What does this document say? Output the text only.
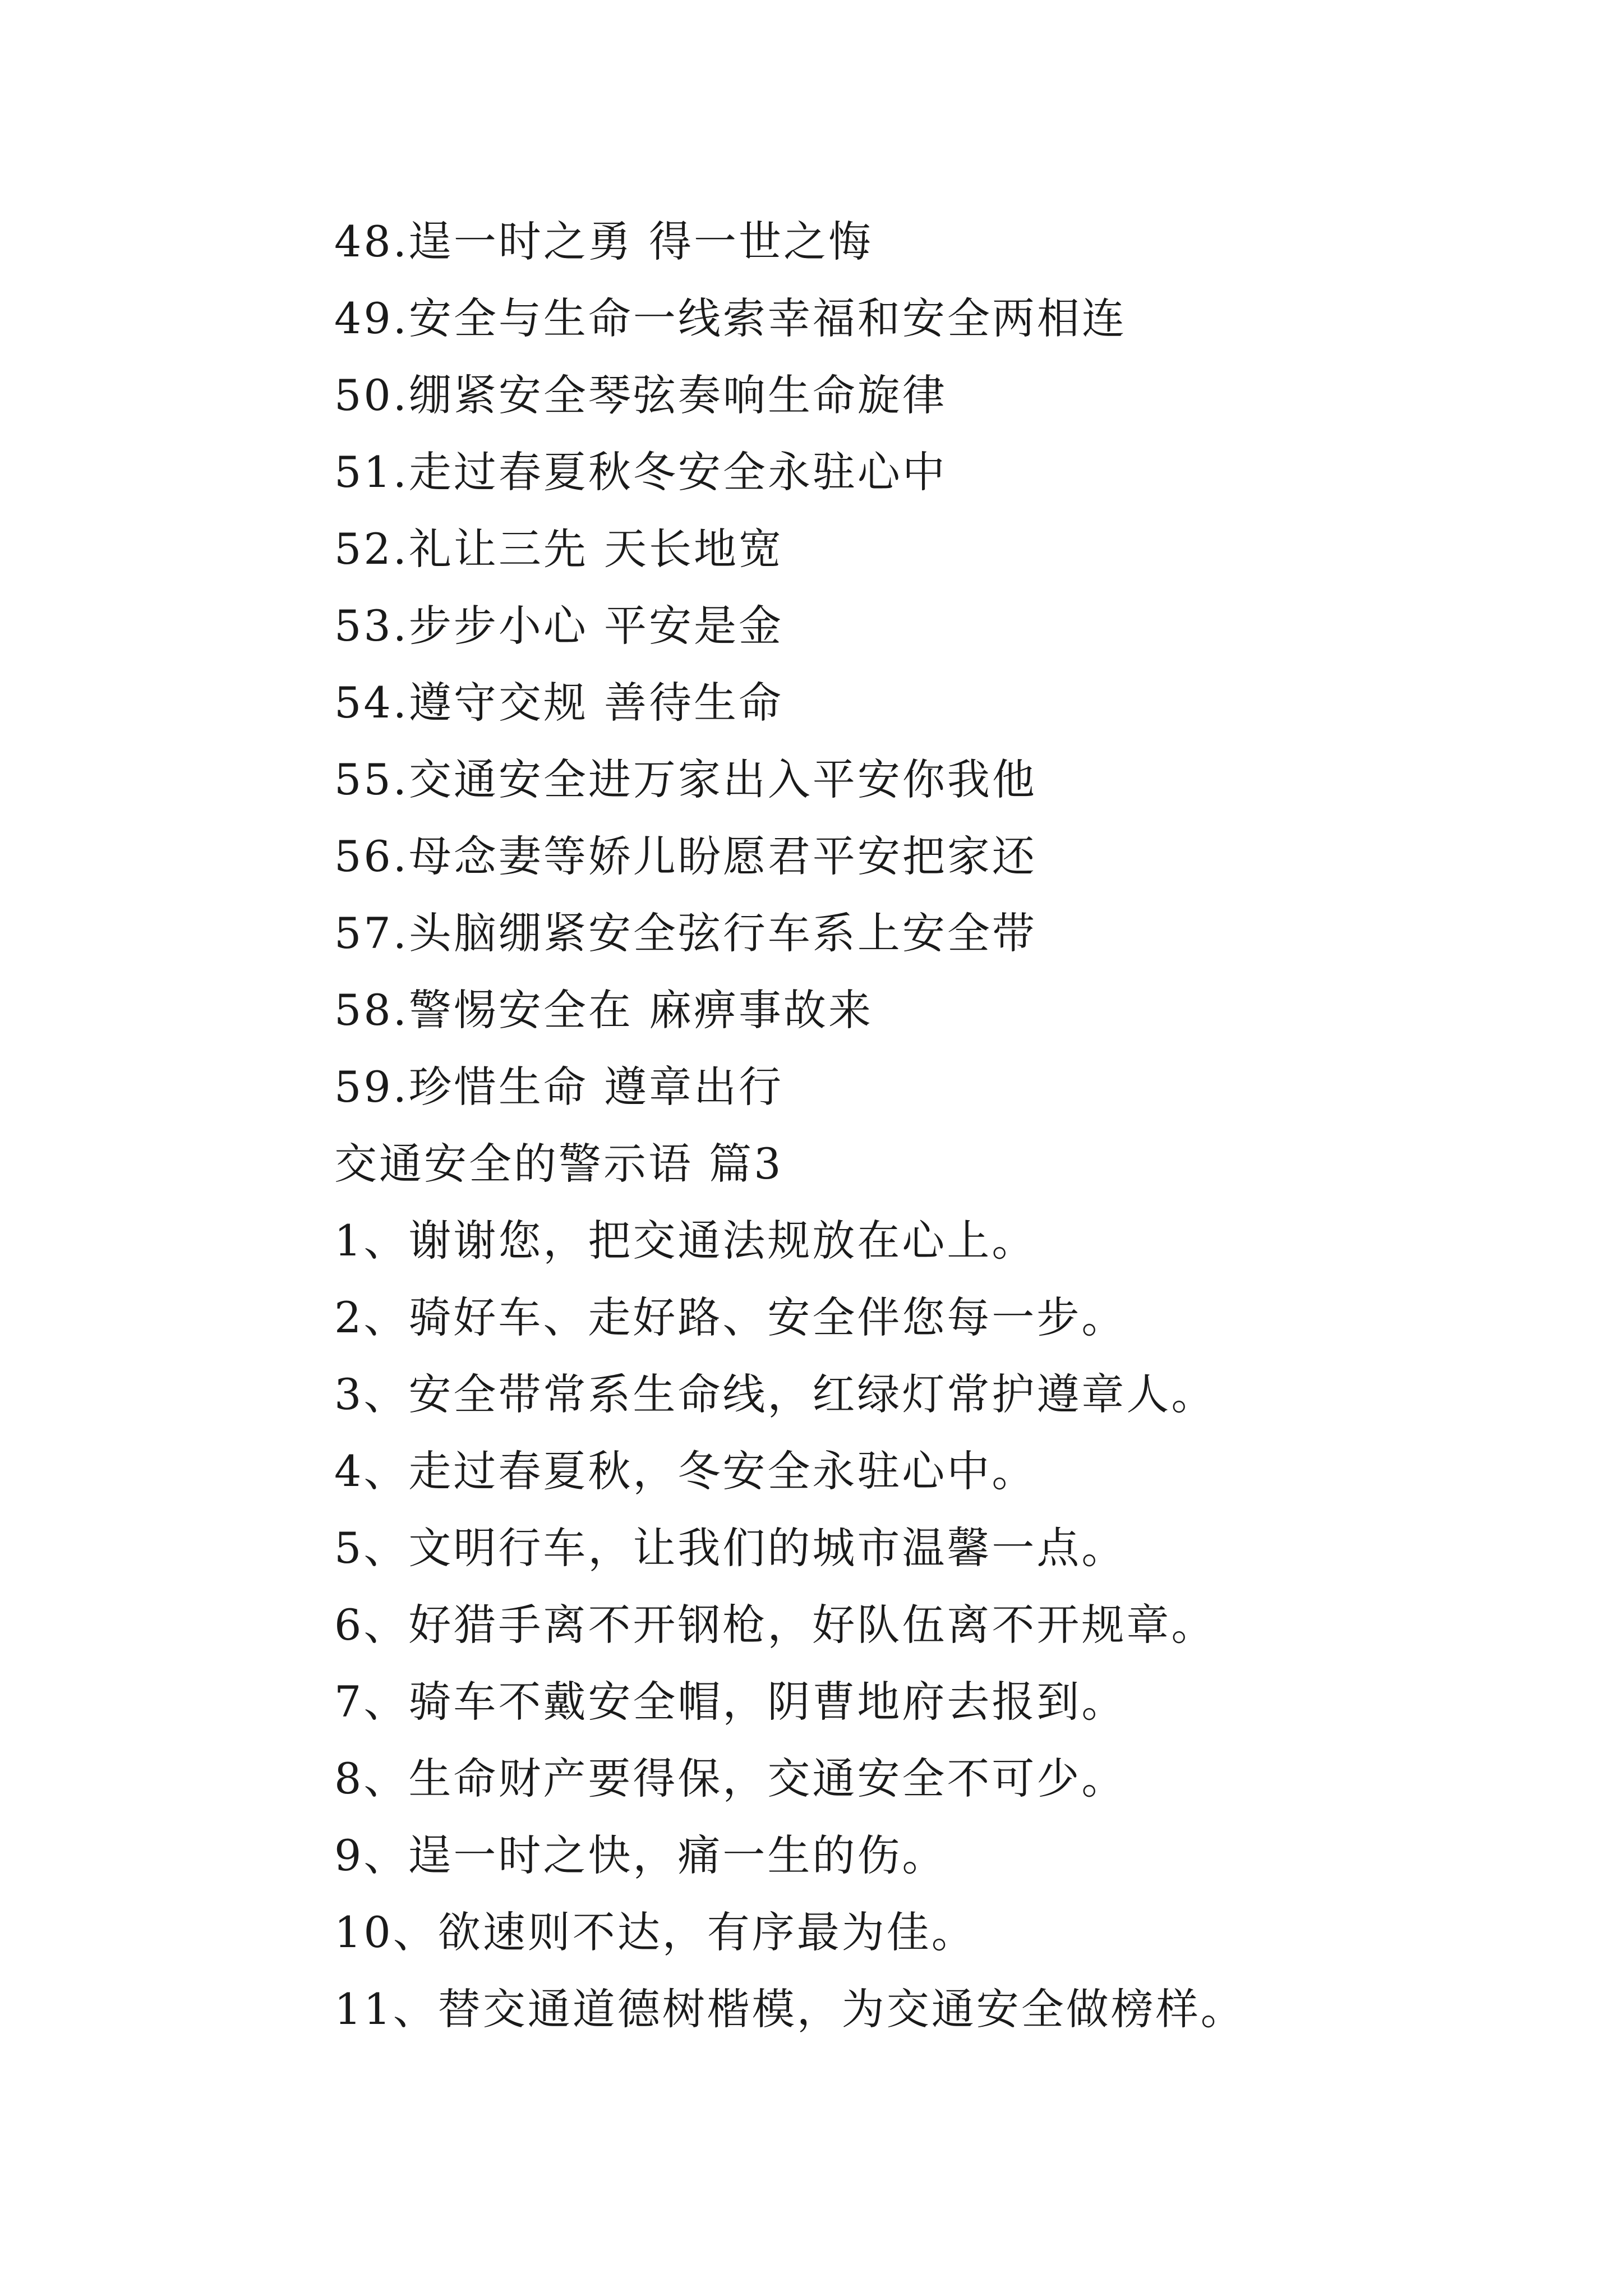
48.逞一时之勇 得一世之悔
49.安全与生命一线索幸福和安全两相连
50.绷紧安全琴弦奏响生命旋律
51.走过春夏秋冬安全永驻心中
52.礼让三先 天长地宽
53.步步小心 平安是金
54.遵守交规 善待生命
55.交通安全进万家出入平安你我他
56.母念妻等娇儿盼愿君平安把家还
57.头脑绷紧安全弦行车系上安全带
58.警惕安全在 麻痹事故来
59.珍惜生命 遵章出行
交通安全的警示语 篇3
1、谢谢您，把交通法规放在心上。
2、骑好车、走好路、安全伴您每一步。
3、安全带常系生命线，红绿灯常护遵章人。
4、走过春夏秋，冬安全永驻心中。
5、文明行车，让我们的城市温馨一点。
6、好猎手离不开钢枪，好队伍离不开规章。
7、骑车不戴安全帽，阴曹地府去报到。
8、生命财产要得保，交通安全不可少。
9、逞一时之快，痛一生的伤。
10、欲速则不达，有序最为佳。
11、替交通道德树楷模，为交通安全做榜样。
